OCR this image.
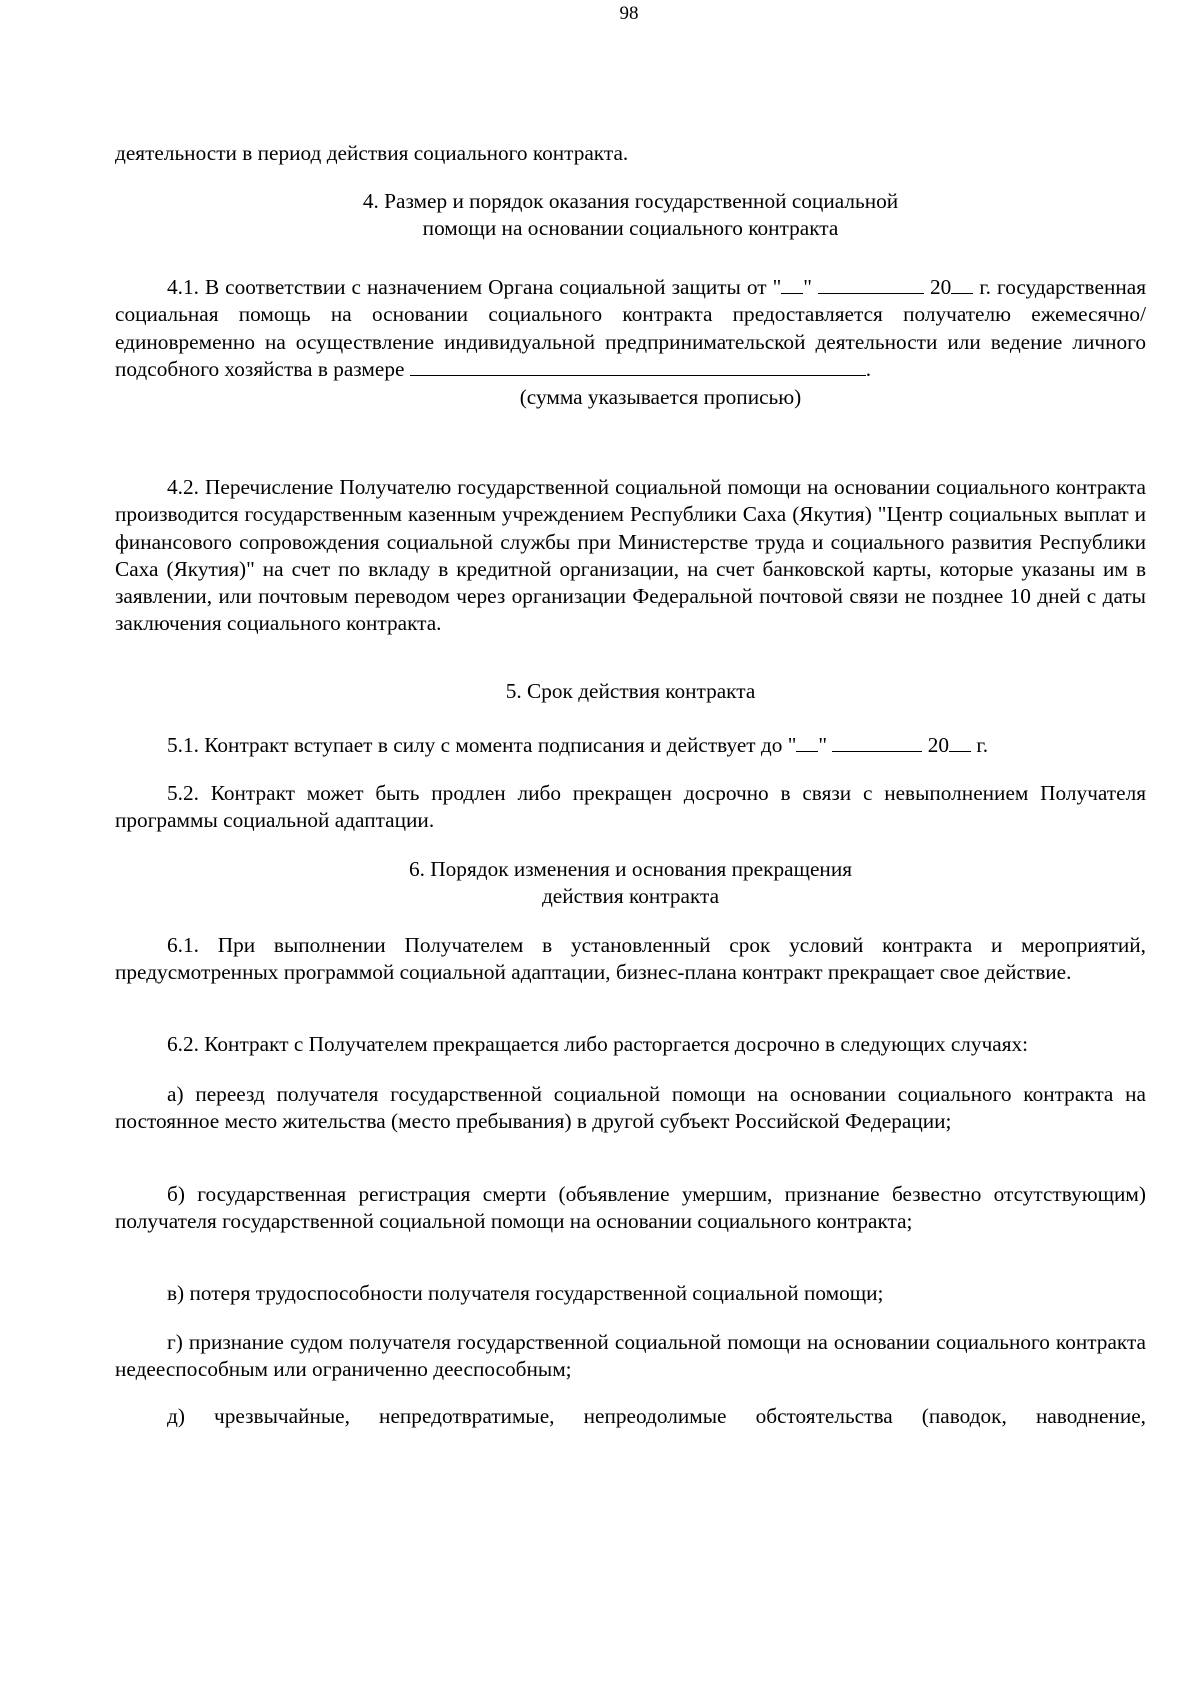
98

деятельности в период действия социального контракта.

4. Размер и порядок оказания государственной социальной

помощи на основании социального контракта

4.1. В соответствии с назначением Органа социальной защиты от " "	20 г. государственная социальная помощь на основании социального контракта предоставляется получателю ежемесячно/единовременно на осуществление индивидуальной предпринимательской деятельности или ведение личного подсобного хозяйства в размере	.

(сумма указывается прописью)

4.2. Перечисление Получателю государственной социальной помощи на основании социального контракта производится государственным казенным учреждением Республики Саха (Якутия) "Центр социальных выплат и финансового сопровождения социальной службы при Министерстве труда и социального развития Республики Саха (Якутия)" на счет по вкладу в кредитной организации, на счет банковской карты, которые указаны им в заявлении, или почтовым переводом через организации Федеральной почтовой связи не позднее 10 дней с даты заключения социального контракта.

5. Срок действия контракта

5.1. Контракт вступает в силу с момента подписания и действует до " "	20 г.

5.2. Контракт может быть продлен либо прекращен досрочно в связи с невыполнением Получателя программы социальной адаптации.

6. Порядок изменения и основания прекращения

действия контракта

6.1. При выполнении Получателем в установленный срок условий контракта и мероприятий, предусмотренных программой социальной адаптации, бизнес-плана контракт прекращает свое действие.

6.2. Контракт с Получателем прекращается либо расторгается досрочно в следующих случаях:

а) переезд получателя государственной социальной помощи на основании социального контракта на постоянное место жительства (место пребывания) в другой субъект Российской Федерации;

б) государственная регистрация смерти (объявление умершим, признание безвестно отсутствующим) получателя государственной социальной помощи на основании социального контракта;

в) потеря трудоспособности получателя государственной социальной помощи;

г) признание судом получателя государственной социальной помощи на основании социального контракта недееспособным или ограниченно дееспособным;

д) чрезвычайные, непредотвратимые, непреодолимые обстоятельства (паводок, наводнение,
